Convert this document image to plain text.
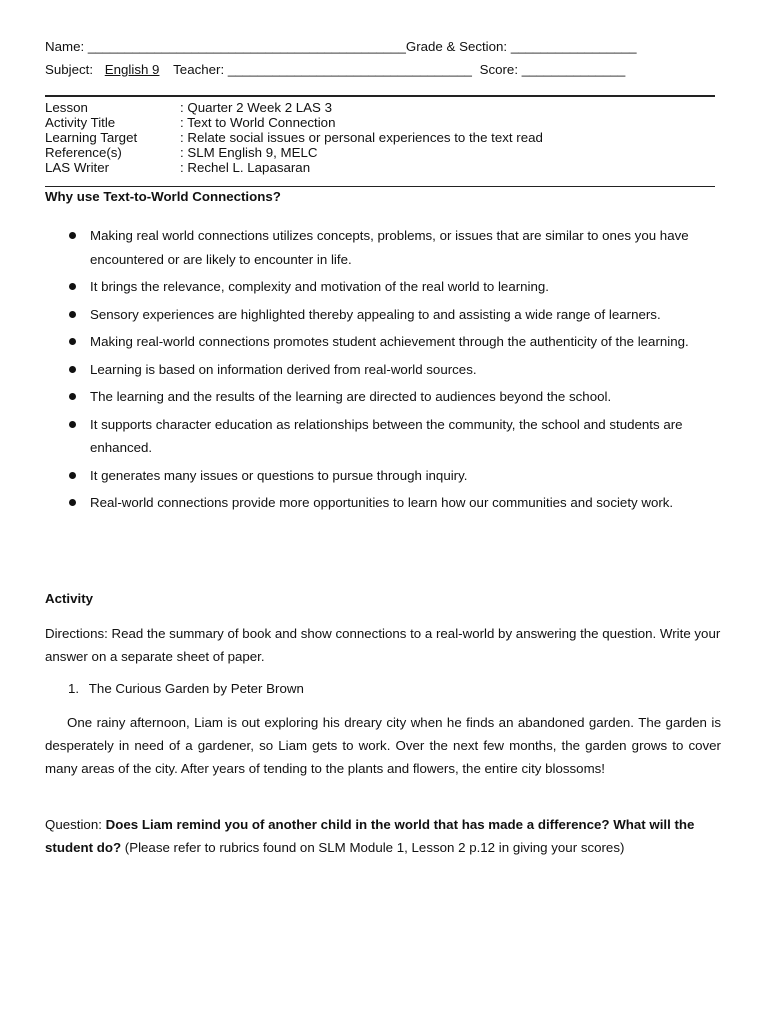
Name: ___________________________________________Grade & Section: _________________
Subject: English 9 Teacher: _________________________________ Score: ______________
Lesson	: Quarter 2 Week 2 LAS 3
Activity Title	: Text to World Connection
Learning Target	: Relate social issues or personal experiences to the text read
Reference(s)	: SLM English 9, MELC
LAS Writer	: Rechel L. Lapasaran
Why use Text-to-World Connections?
Making real world connections utilizes concepts, problems, or issues that are similar to ones you have encountered or are likely to encounter in life.
It brings the relevance, complexity and motivation of the real world to learning.
Sensory experiences are highlighted thereby appealing to and assisting a wide range of learners.
Making real-world connections promotes student achievement through the authenticity of the learning.
Learning is based on information derived from real-world sources.
The learning and the results of the learning are directed to audiences beyond the school.
It supports character education as relationships between the community, the school and students are enhanced.
It generates many issues or questions to pursue through inquiry.
Real-world connections provide more opportunities to learn how our communities and society work.
Activity
Directions: Read the summary of book and show connections to a real-world by answering the question. Write your answer on a separate sheet of paper.
1. The Curious Garden by Peter Brown
One rainy afternoon, Liam is out exploring his dreary city when he finds an abandoned garden. The garden is desperately in need of a gardener, so Liam gets to work. Over the next few months, the garden grows to cover many areas of the city. After years of tending to the plants and flowers, the entire city blossoms!
Question: Does Liam remind you of another child in the world that has made a difference? What will the student do? (Please refer to rubrics found on SLM Module 1, Lesson 2 p.12 in giving your scores)
